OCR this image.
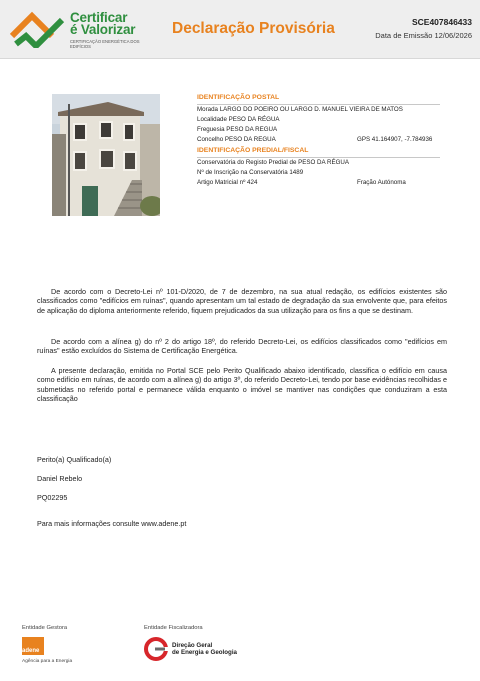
Certificar
é Valorizar
CERTIFICAÇÃO ENERGÉTICA DOS EDIFÍCIOS
Declaração Provisória	SCE407846433
Data de Emissão 12/06/2026
IDENTIFICAÇÃO POSTAL
Morada LARGO DO POEIRO OU LARGO D. MANUEL VIEIRA DE MATOS
Localidade PESO DA RÉGUA
Freguesia PESO DA REGUA
Concelho PESO DA REGUA	GPS 41.164907, -7.784936
IDENTIFICAÇÃO PREDIAL/FISCAL
Conservatória do Registo Predial de PESO DA RÉGUA
Nº de Inscrição na Conservatória 1489
Artigo Matricial nº 424	Fração Autónoma

De acordo com o Decreto-Lei nº 101-D/2020, de 7 de dezembro, na sua atual redação, os edifícios existentes são classificados como "edifícios em ruínas", quando apresentam um tal estado de degradação da sua envolvente que, para efeitos de aplicação do diploma anteriormente referido, fiquem prejudicados da sua utilização para os fins a que se destinam.

De acordo com a alínea g) do nº 2 do artigo 18º, do referido Decreto-Lei, os edifícios classificados como "edifícios em ruínas" estão excluídos do Sistema de Certificação Energética.

A presente declaração, emitida no Portal SCE pelo Perito Qualificado abaixo identificado, classifica o edifício em causa como edifício em ruínas, de acordo com a alínea g) do artigo 3º, do referido Decreto-Lei, tendo por base evidências recolhidas e submetidas no referido portal e permanece válida enquanto o imóvel se mantiver nas condições que conduziram a esta classificação

Perito(a) Qualificado(a)
Daniel Rebelo
PQ02295
Para mais informações consulte www.adene.pt
Entidade Gestora
adene
Agência para a Energia
Entidade Fiscalizadora
Direção Geral
de Energia e Geologia
